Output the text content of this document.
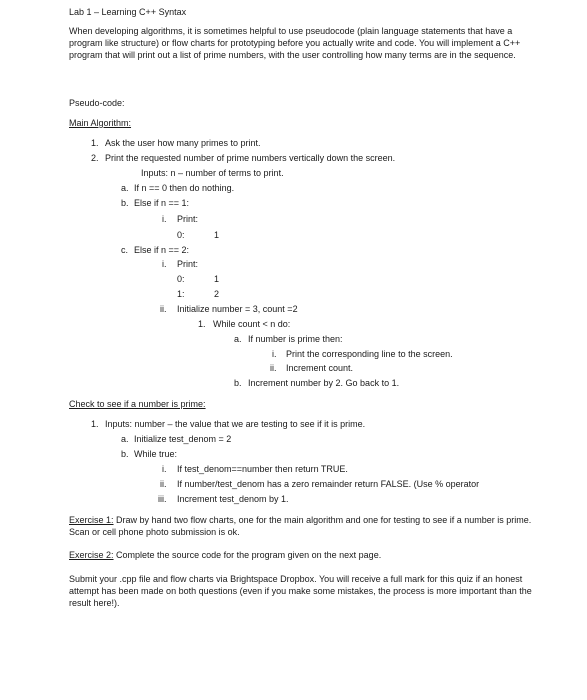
Lab 1 – Learning C++ Syntax
When developing algorithms, it is sometimes helpful to use pseudocode (plain language statements that have a program like structure) or flow charts for prototyping before you actually write and code. You will implement a C++ program that will print out a list of prime numbers, with the user controlling how many terms are in the sequence.
Pseudo-code:
Main Algorithm:
1. Ask the user how many primes to print.
2. Print the requested number of prime numbers vertically down the screen.
Inputs: n – number of terms to print.
a. If n == 0 then do nothing.
b. Else if n == 1:
i. Print:
0:	1
c. Else if n == 2:
i. Print:
0:	1
1:	2
ii. Initialize number = 3, count =2
1. While count < n do:
a. If number is prime then:
i. Print the corresponding line to the screen.
ii. Increment count.
b. Increment number by 2. Go back to 1.
Check to see if a number is prime:
1. Inputs: number – the value that we are testing to see if it is prime.
a. Initialize test_denom = 2
b. While true:
i. If test_denom==number then return TRUE.
ii. If number/test_denom has a zero remainder return FALSE. (Use % operator
iii. Increment test_denom by 1.
Exercise 1: Draw by hand two flow charts, one for the main algorithm and one for testing to see if a number is prime. Scan or cell phone photo submission is ok.
Exercise 2: Complete the source code for the program given on the next page.
Submit your .cpp file and flow charts via Brightspace Dropbox. You will receive a full mark for this quiz if an honest attempt has been made on both questions (even if you make some mistakes, the process is more important than the result here!).
